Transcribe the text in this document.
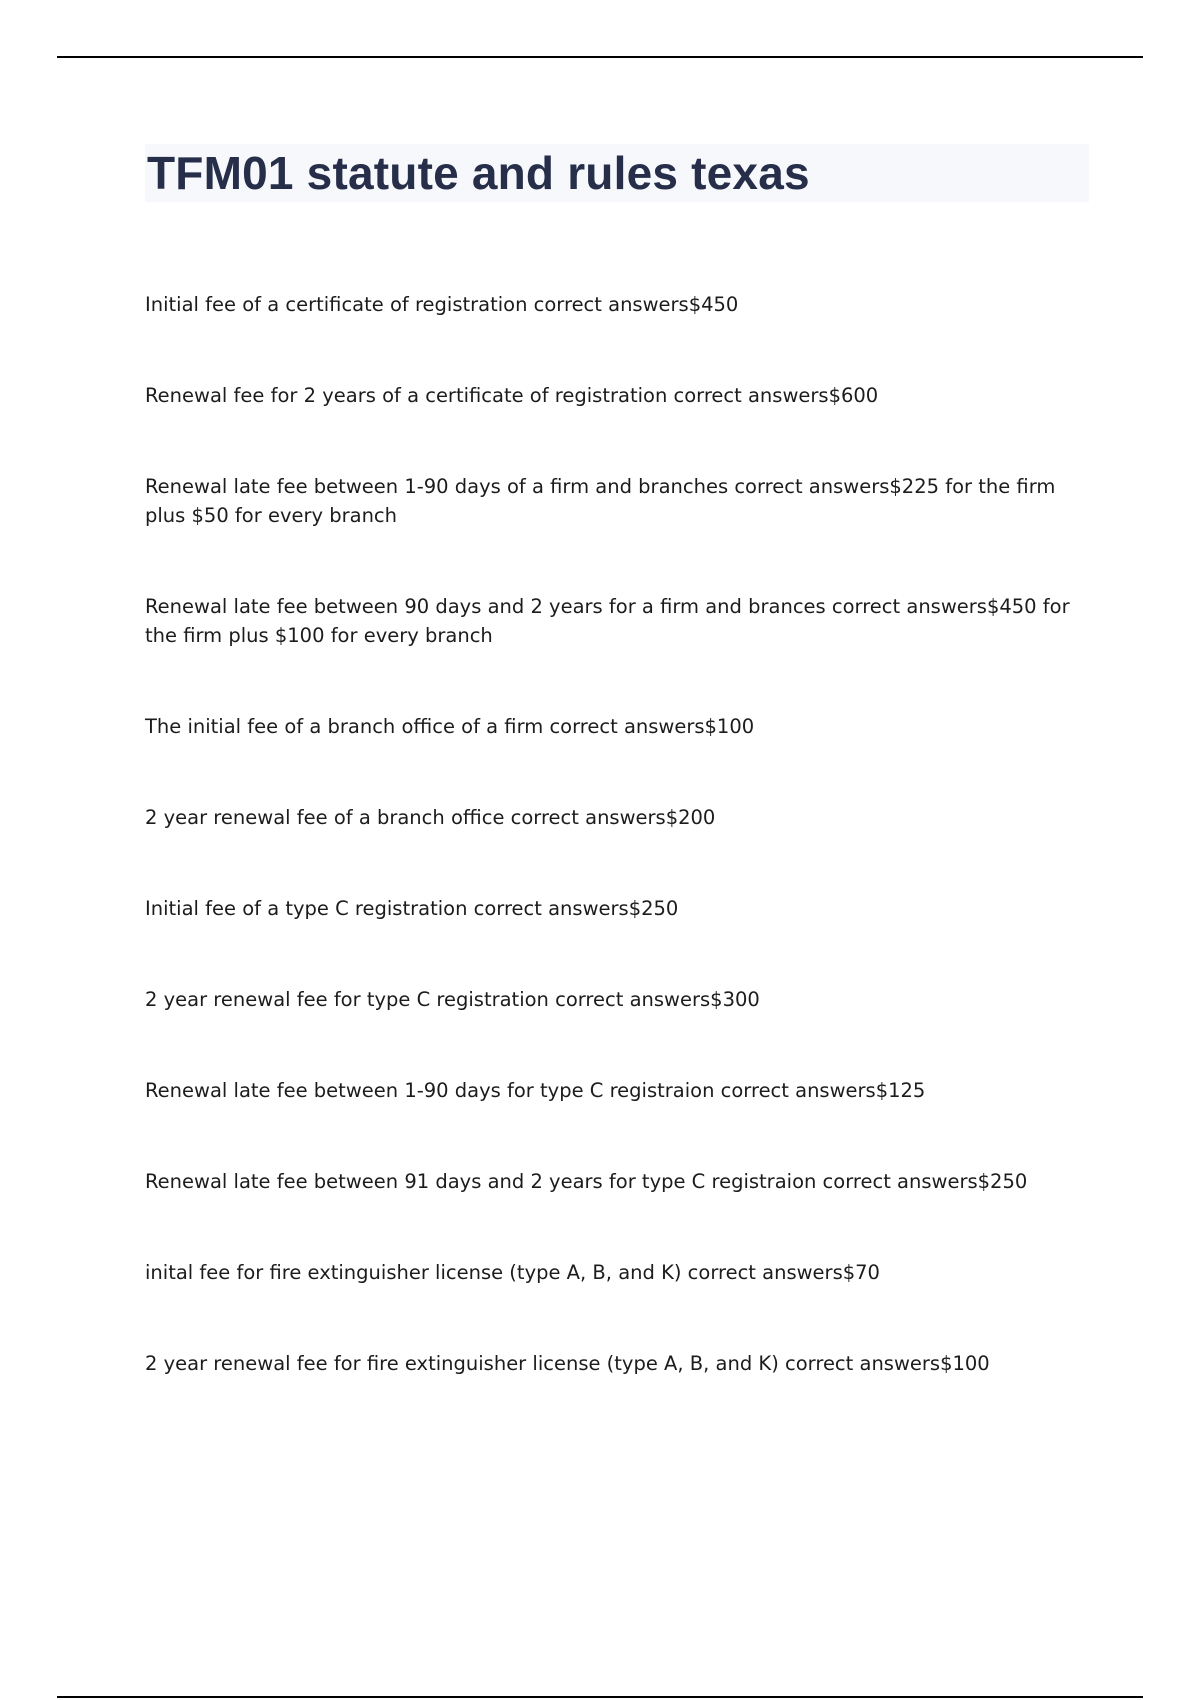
TFM01 statute and rules texas
Initial fee of a certificate of registration correct answers$450
Renewal fee for 2 years of a certificate of registration correct answers$600
Renewal late fee between 1-90 days of a firm and branches correct answers$225 for the firm plus $50 for every branch
Renewal late fee between 90 days and 2 years for a firm and brances correct answers$450 for the firm plus $100 for every branch
The initial fee of a branch office of a firm correct answers$100
2 year renewal fee of a branch office correct answers$200
Initial fee of a type C registration correct answers$250
2 year renewal fee for type C registration correct answers$300
Renewal late fee between 1-90 days for type C registraion correct answers$125
Renewal late fee between 91 days and 2 years for type C registraion correct answers$250
inital fee for fire extinguisher license (type A, B, and K) correct answers$70
2 year renewal fee for fire extinguisher license (type A, B, and K) correct answers$100
